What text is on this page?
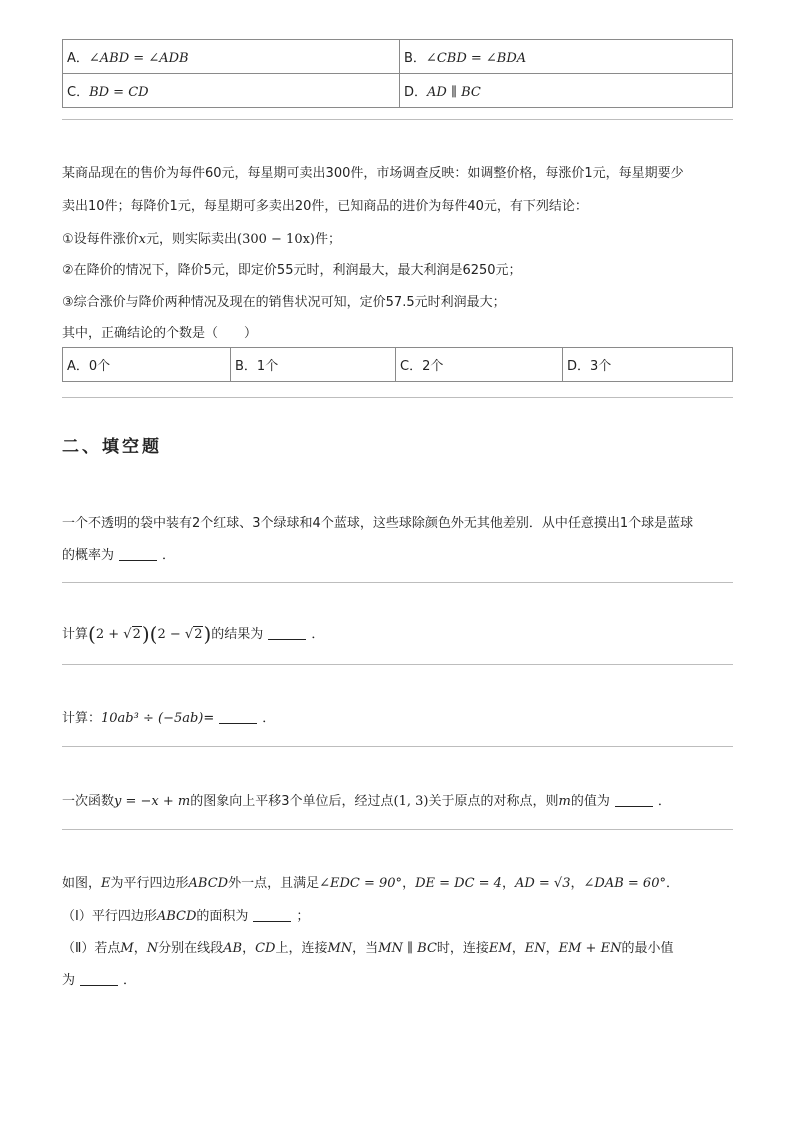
A．∠ABD = ∠ADB	B．∠CBD = ∠BDA
C．BD = CD	D．AD ∥ BC
某商品现在的售价为每件60元，每星期可卖出300件，市场调查反映：如调整价格，每涨价1元，每星期要少
卖出10件；每降价1元，每星期可多卖出20件，已知商品的进价为每件40元，有下列结论：
①设每件涨价x元，则实际卖出(300 − 10x)件；
②在降价的情况下，降价5元，即定价55元时，利润最大，最大利润是6250元；
③综合涨价与降价两种情况及现在的销售状况可知，定价57.5元时利润最大；
其中，正确结论的个数是（　　）
A．0个	B．1个	C．2个	D．3个
二、填空题
一个不透明的袋中装有2个红球、3个绿球和4个蓝球，这些球除颜色外无其他差别．从中任意摸出1个球是蓝球
的概率为	．
计算(2 + √2)(2 − √2)的结果为	．
计算：10ab³ ÷ (−5ab)=	．
一次函数y = −x + m的图象向上平移3个单位后，经过点(1, 3)关于原点的对称点，则m的值为	．
如图，E为平行四边形ABCD外一点，且满足∠EDC = 90°，DE = DC = 4，AD = √3，∠DAB = 60°．
（Ⅰ）平行四边形ABCD的面积为	；
（Ⅱ）若点M，N分别在线段AB，CD上，连接MN，当MN ∥ BC时，连接EM，EN，EM + EN的最小值
为	．
